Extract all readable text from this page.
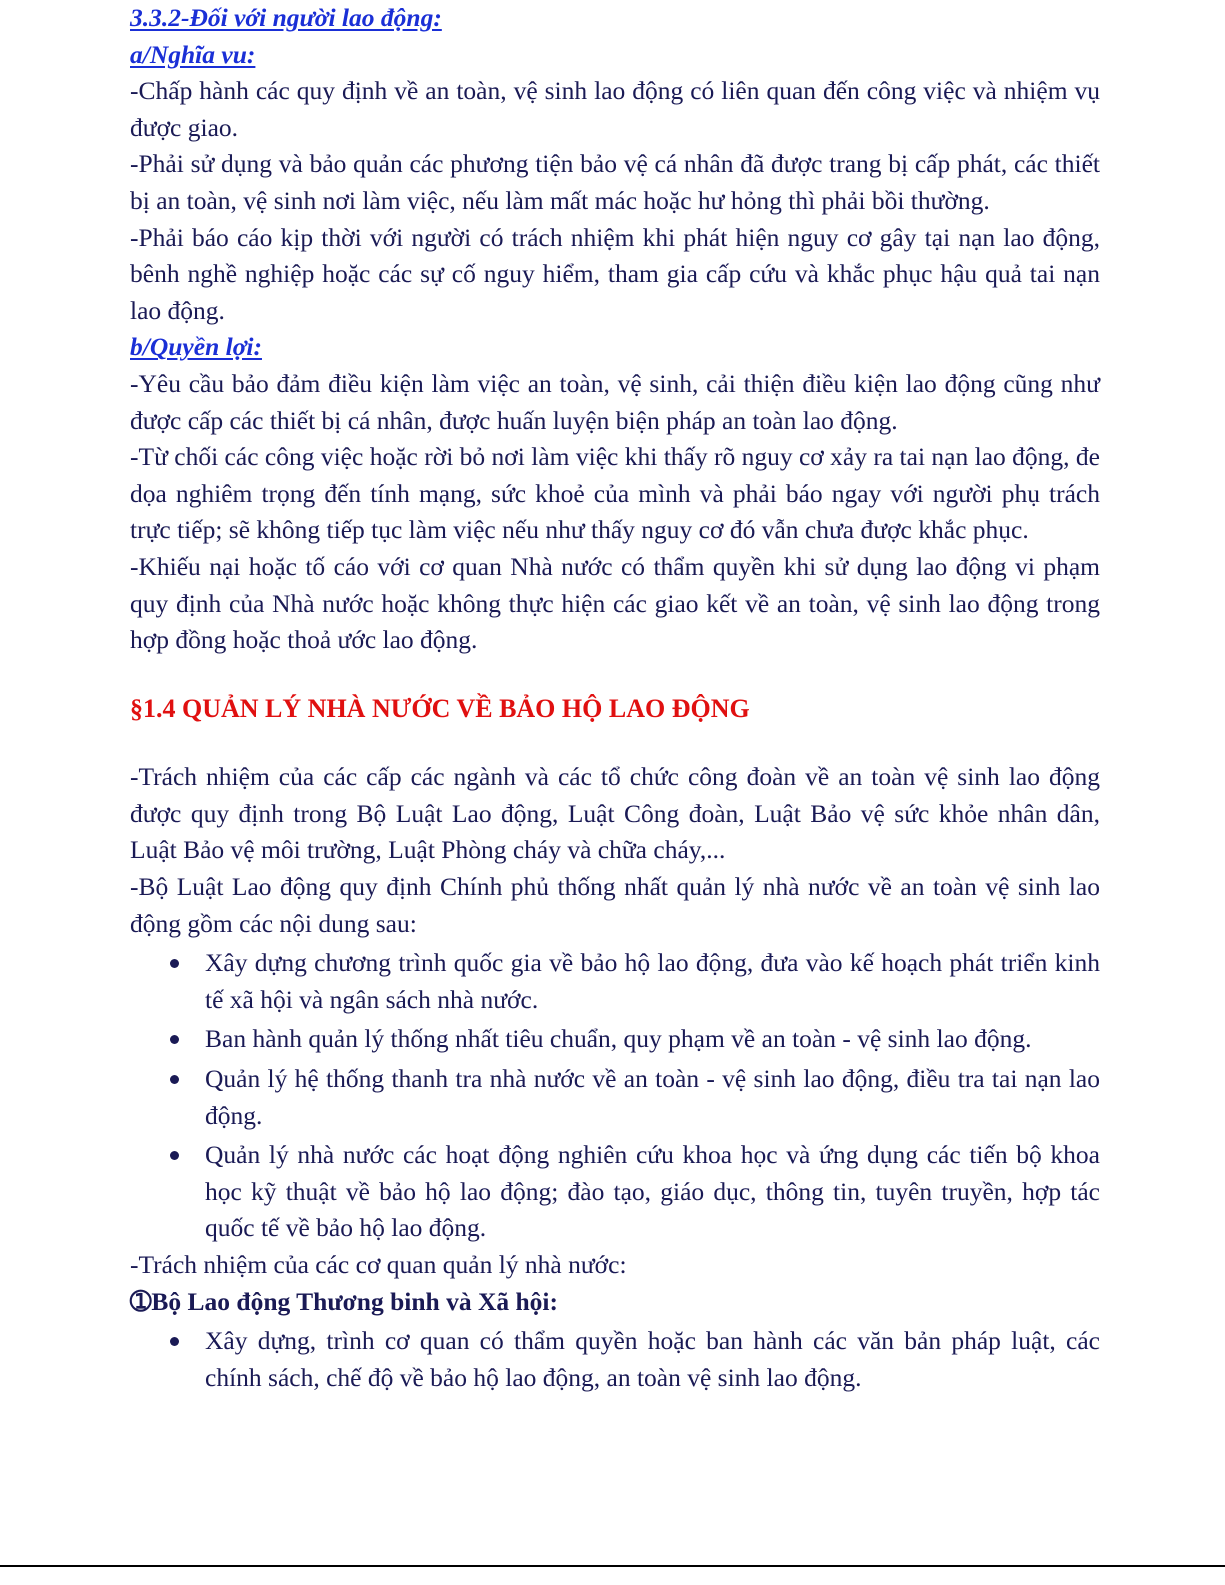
3.3.2-Đối với người lao động:
a/Nghĩa vu:

-Chấp hành các quy định về an toàn, vệ sinh lao động có liên quan đến công việc và nhiệm vụ được giao.

-Phải sử dụng và bảo quản các phương tiện bảo vệ cá nhân đã được trang bị cấp phát, các thiết bị an toàn, vệ sinh nơi làm việc, nếu làm mất mác hoặc hư hỏng thì phải bồi thường.

-Phải báo cáo kịp thời với người có trách nhiệm khi phát hiện nguy cơ gây tại nạn lao động, bênh nghề nghiệp hoặc các sự cố nguy hiểm, tham gia cấp cứu và khắc phục hậu quả tai nạn lao động.

b/Quyền lợi:

-Yêu cầu bảo đảm điều kiện làm việc an toàn, vệ sinh, cải thiện điều kiện lao động cũng như được cấp các thiết bị cá nhân, được huấn luyện biện pháp an toàn lao động.

-Từ chối các công việc hoặc rời bỏ nơi làm việc khi thấy rõ nguy cơ xảy ra tai nạn lao động, đe dọa nghiêm trọng đến tính mạng, sức khoẻ của mình và phải báo ngay với người phụ trách trực tiếp; sẽ không tiếp tục làm việc nếu như thấy nguy cơ đó vẫn chưa được khắc phục.

-Khiếu nại hoặc tố cáo với cơ quan Nhà nước có thẩm quyền khi sử dụng lao động vi phạm quy định của Nhà nước hoặc không thực hiện các giao kết về an toàn, vệ sinh lao động trong hợp đồng hoặc thoả ước lao động.

§1.4 QUẢN LÝ NHÀ NƯỚC VỀ BẢO HỘ LAO ĐỘNG

-Trách nhiệm của các cấp các ngành và các tổ chức công đoàn về an toàn vệ sinh lao động được quy định trong Bộ Luật Lao động, Luật Công đoàn, Luật Bảo vệ sức khỏe nhân dân, Luật Bảo vệ môi trường, Luật Phòng cháy và chữa cháy,...

-Bộ Luật Lao động quy định Chính phủ thống nhất quản lý nhà nước về an toàn vệ sinh lao động gồm các nội dung sau:

Xây dựng chương trình quốc gia về bảo hộ lao động, đưa vào kế hoạch phát triển kinh tế xã hội và ngân sách nhà nước.
Ban hành quản lý thống nhất tiêu chuẩn, quy phạm về an toàn - vệ sinh lao động.
Quản lý hệ thống thanh tra nhà nước về an toàn - vệ sinh lao động, điều tra tai nạn lao động.
Quản lý nhà nước các hoạt động nghiên cứu khoa học và ứng dụng các tiến bộ khoa học kỹ thuật về bảo hộ lao động; đào tạo, giáo dục, thông tin, tuyên truyền, hợp tác quốc tế về bảo hộ lao động.

-Trách nhiệm của các cơ quan quản lý nhà nước:

➀Bộ Lao động Thương binh và Xã hội:
Xây dựng, trình cơ quan có thẩm quyền hoặc ban hành các văn bản pháp luật, các chính sách, chế độ về bảo hộ lao động, an toàn vệ sinh lao động.
